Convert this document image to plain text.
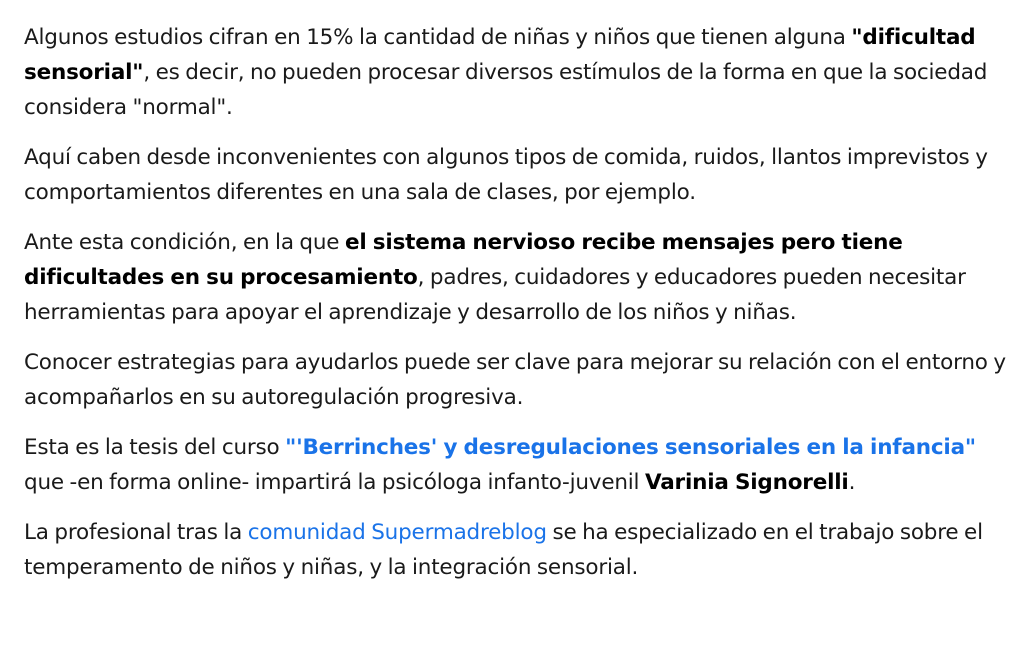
Algunos estudios cifran en 15% la cantidad de niñas y niños que tienen alguna "dificultad sensorial", es decir, no pueden procesar diversos estímulos de la forma en que la sociedad considera "normal".

Aquí caben desde inconvenientes con algunos tipos de comida, ruidos, llantos imprevistos y comportamientos diferentes en una sala de clases, por ejemplo.

Ante esta condición, en la que el sistema nervioso recibe mensajes pero tiene dificultades en su procesamiento, padres, cuidadores y educadores pueden necesitar herramientas para apoyar el aprendizaje y desarrollo de los niños y niñas.

Conocer estrategias para ayudarlos puede ser clave para mejorar su relación con el entorno y acompañarlos en su autoregulación progresiva.

Esta es la tesis del curso "'Berrinches' y desregulaciones sensoriales en la infancia" que -en forma online- impartirá la psicóloga infanto-juvenil Varinia Signorelli.

La profesional tras la comunidad Supermadreblog se ha especializado en el trabajo sobre el temperamento de niños y niñas, y la integración sensorial.
